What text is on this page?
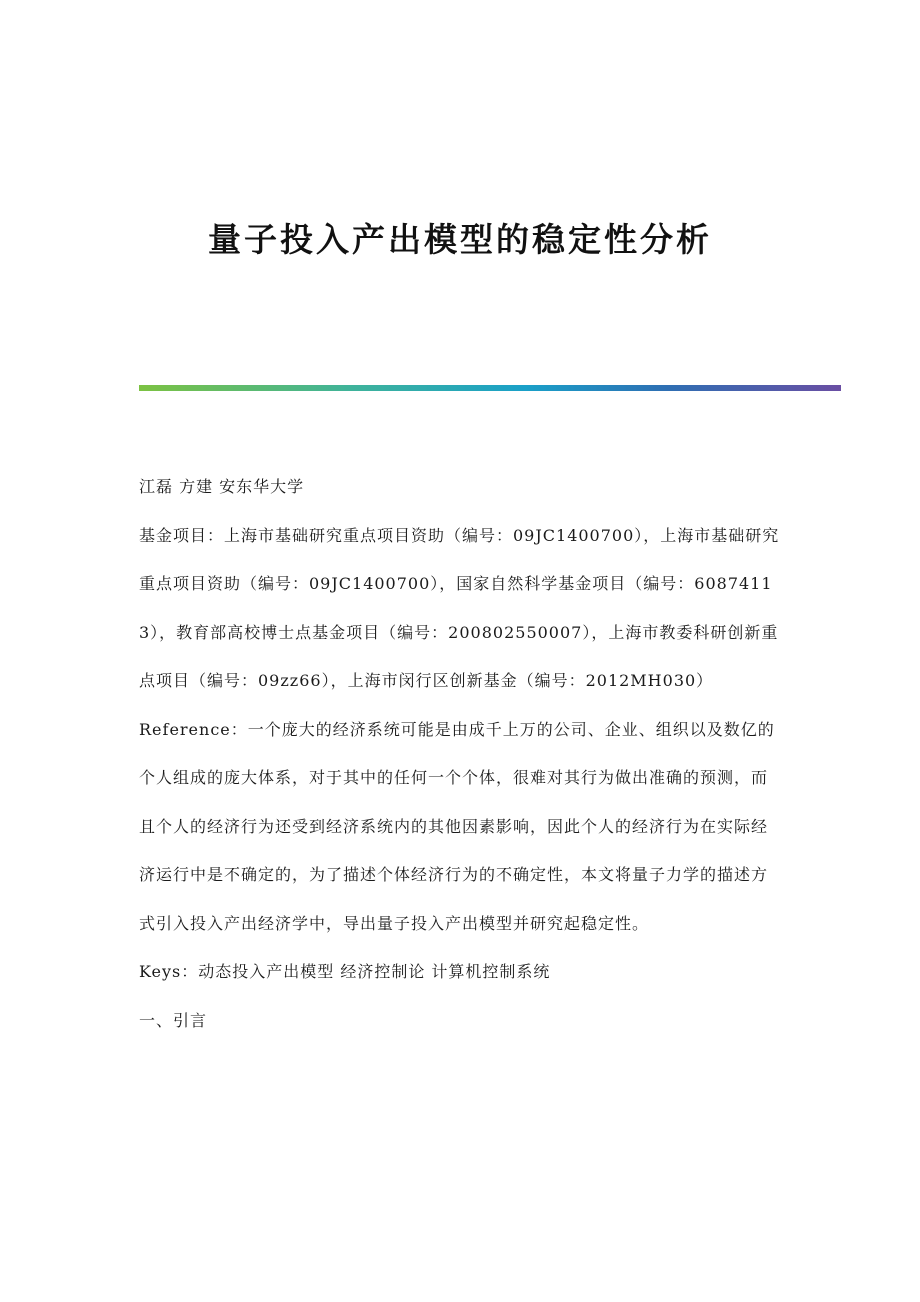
量子投入产出模型的稳定性分析

江磊 方建 安东华大学

基金项目：上海市基础研究重点项目资助（编号：09JC1400700），上海市基础研究重点项目资助（编号：09JC1400700），国家自然科学基金项目（编号：60874113），教育部高校博士点基金项目（编号：200802550007），上海市教委科研创新重点项目（编号：09zz66），上海市闵行区创新基金（编号：2012MH030）

Reference：一个庞大的经济系统可能是由成千上万的公司、企业、组织以及数亿的个人组成的庞大体系，对于其中的任何一个个体，很难对其行为做出准确的预测，而且个人的经济行为还受到经济系统内的其他因素影响，因此个人的经济行为在实际经济运行中是不确定的，为了描述个体经济行为的不确定性，本文将量子力学的描述方式引入投入产出经济学中，导出量子投入产出模型并研究起稳定性。

Keys：动态投入产出模型 经济控制论 计算机控制系统

一、引言
